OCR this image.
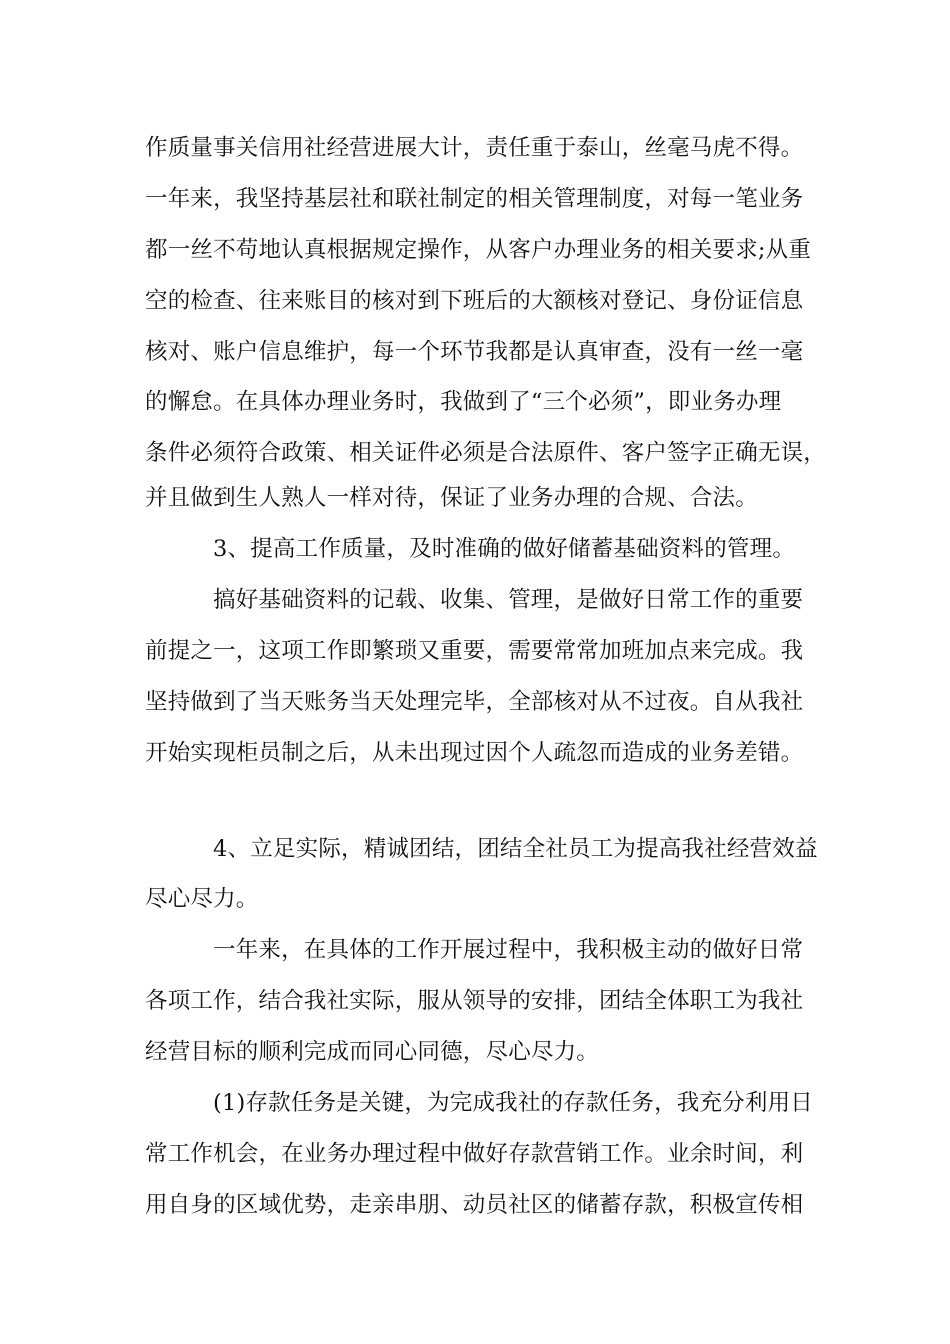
作质量事关信用社经营进展大计，责任重于泰山，丝毫马虎不得。
一年来，我坚持基层社和联社制定的相关管理制度，对每一笔业务
都一丝不苟地认真根据规定操作，从客户办理业务的相关要求;从重
空的检查、往来账目的核对到下班后的大额核对登记、身份证信息
核对、账户信息维护，每一个环节我都是认真审查，没有一丝一毫
的懈怠。在具体办理业务时，我做到了“三个必须”，即业务办理
条件必须符合政策、相关证件必须是合法原件、客户签字正确无误，
并且做到生人熟人一样对待，保证了业务办理的合规、合法。
3、提高工作质量，及时准确的做好储蓄基础资料的管理。
搞好基础资料的记载、收集、管理，是做好日常工作的重要
前提之一，这项工作即繁琐又重要，需要常常加班加点来完成。我
坚持做到了当天账务当天处理完毕，全部核对从不过夜。自从我社
开始实现柜员制之后，从未出现过因个人疏忽而造成的业务差错。
4、立足实际，精诚团结，团结全社员工为提高我社经营效益
尽心尽力。
一年来，在具体的工作开展过程中，我积极主动的做好日常
各项工作，结合我社实际，服从领导的安排，团结全体职工为我社
经营目标的顺利完成而同心同德，尽心尽力。
(1)存款任务是关键，为完成我社的存款任务，我充分利用日
常工作机会，在业务办理过程中做好存款营销工作。业余时间，利
用自身的区域优势，走亲串朋、动员社区的储蓄存款，积极宣传相
